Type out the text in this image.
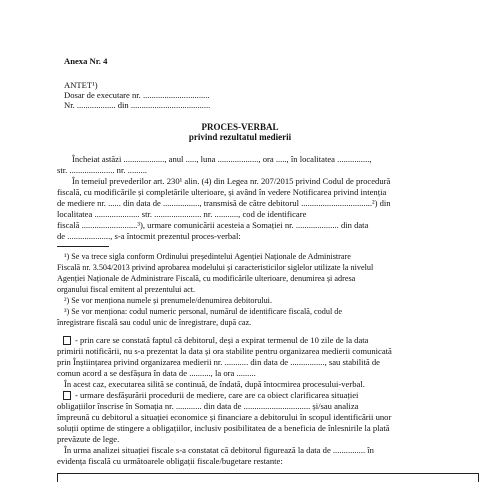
Anexa Nr. 4
ANTET¹)
Dosar de executare nr. ...............................
Nr. .................. din .....................................
PROCES-VERBAL
privind rezultatul medierii
Încheiat astăzi ..................., anul ....., luna ..................., ora ....., în localitatea ...............,
str. ..................... nr. .........
În temeiul prevederilor art. 230¹ alin. (4) din Legea nr. 207/2015 privind Codul de procedură
fiscală, cu modificările și completările ulterioare, și având în vedere Notificarea privind intenția
de mediere nr. ...... din data de ................., transmisă de către debitorul .................................²) din
localitatea ..................... str. ...................... nr. ..........., cod de identificare
fiscală ..........................³), urmare comunicării acesteia a Somației nr. .................... din data
de ...................., s-a întocmit prezentul proces-verbal:
¹) Se va trece sigla conform Ordinului președintelui Agenției Naționale de Administrare
Fiscală nr. 3.504/2013 privind aprobarea modelului și caracteristicilor siglelor utilizate la nivelul
Agenției Naționale de Administrare Fiscală, cu modificările ulterioare, denumirea și adresa
organului fiscal emitent al prezentului act.
²) Se vor menționa numele și prenumele/denumirea debitorului.
³) Se vor menționa: codul numeric personal, numărul de identificare fiscală, codul de
înregistrare fiscală sau codul unic de înregistrare, după caz.
- prin care se constată faptul că debitorul, deși a expirat termenul de 10 zile de la data
primirii notificării, nu s-a prezentat la data și ora stabilite pentru organizarea medierii comunicată
prin Înștiințarea privind organizarea medierii nr. ........... din data de ................, sau stabilită de
comun acord a se desfășura în data de .........., la ora .........
În acest caz, executarea silită se continuă, de îndată, după întocmirea procesului-verbal.
- urmare desfășurării procedurii de mediere, care are ca obiect clarificarea situației
obligațiilor înscrise în Somația nr. ............ din data de ............................... și/sau analiza
împreună cu debitorul a situației economice și financiare a debitorului în scopul identificării unor
soluții optime de stingere a obligațiilor, inclusiv posibilitatea de a beneficia de înlesnirile la plată
prevăzute de lege.
În urma analizei situației fiscale s-a constatat că debitorul figurează la data de ............... în
evidența fiscală cu următoarele obligații fiscale/bugetare restante:
